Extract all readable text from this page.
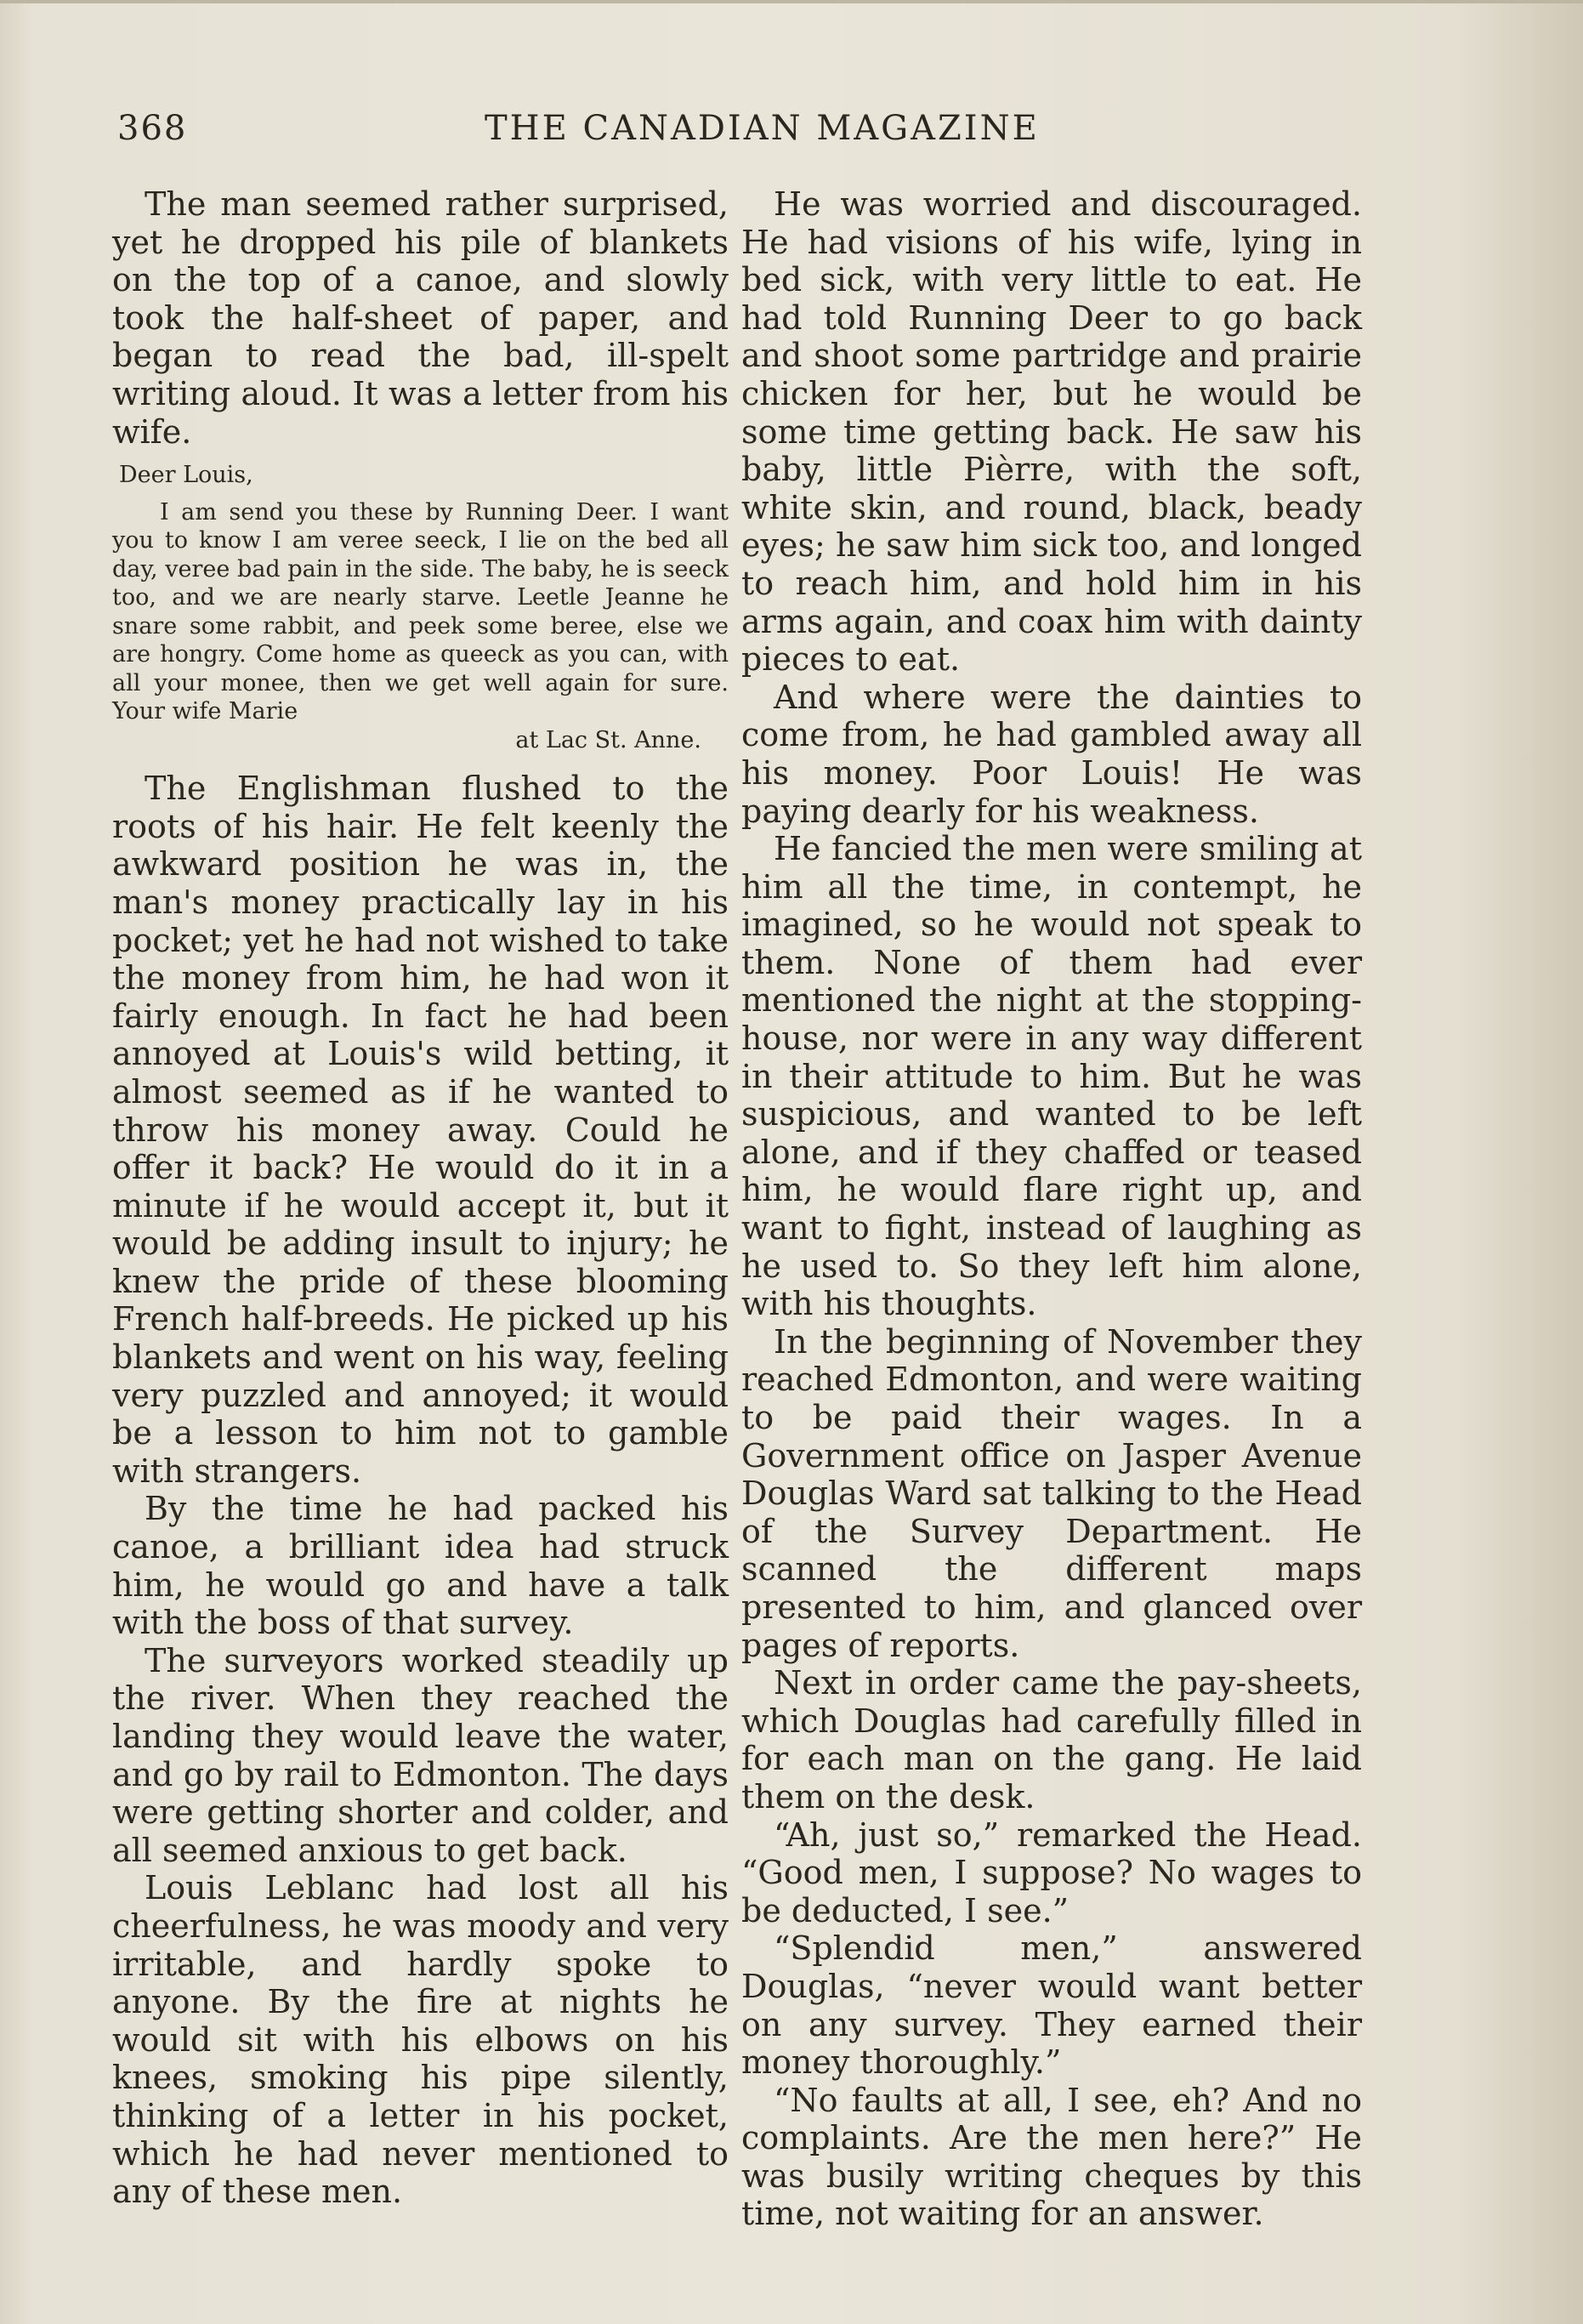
368	THE CANADIAN MAGAZINE

The man seemed rather surprised, yet he dropped his pile of blankets on the top of a canoe, and slowly took the half-sheet of paper, and began to read the bad, ill-spelt writing aloud. It was a letter from his wife.

Deer Louis,
I am send you these by Running Deer. I want you to know I am veree seeck, I lie on the bed all day, veree bad pain in the side. The baby, he is seeck too, and we are nearly starve. Leetle Jeanne he snare some rabbit, and peek some beree, else we are hongry. Come home as queeck as you can, with all your monee, then we get well again for sure. Your wife Marie
at Lac St. Anne.

The Englishman flushed to the roots of his hair. He felt keenly the awkward position he was in, the man's money practically lay in his pocket; yet he had not wished to take the money from him, he had won it fairly enough. In fact he had been annoyed at Louis's wild betting, it almost seemed as if he wanted to throw his money away. Could he offer it back? He would do it in a minute if he would accept it, but it would be adding insult to injury; he knew the pride of these blooming French half-breeds. He picked up his blankets and went on his way, feeling very puzzled and annoyed; it would be a lesson to him not to gamble with strangers.

By the time he had packed his canoe, a brilliant idea had struck him, he would go and have a talk with the boss of that survey.

The surveyors worked steadily up the river. When they reached the landing they would leave the water, and go by rail to Edmonton. The days were getting shorter and colder, and all seemed anxious to get back.

Louis Leblanc had lost all his cheerfulness, he was moody and very irritable, and hardly spoke to anyone. By the fire at nights he would sit with his elbows on his knees, smoking his pipe silently, thinking of a letter in his pocket, which he had never mentioned to any of these men.

He was worried and discouraged. He had visions of his wife, lying in bed sick, with very little to eat. He had told Running Deer to go back and shoot some partridge and prairie chicken for her, but he would be some time getting back. He saw his baby, little Pièrre, with the soft, white skin, and round, black, beady eyes; he saw him sick too, and longed to reach him, and hold him in his arms again, and coax him with dainty pieces to eat.

And where were the dainties to come from, he had gambled away all his money. Poor Louis! He was paying dearly for his weakness.

He fancied the men were smiling at him all the time, in contempt, he imagined, so he would not speak to them. None of them had ever mentioned the night at the stopping-house, nor were in any way different in their attitude to him. But he was suspicious, and wanted to be left alone, and if they chaffed or teased him, he would flare right up, and want to fight, instead of laughing as he used to. So they left him alone, with his thoughts.

In the beginning of November they reached Edmonton, and were waiting to be paid their wages. In a Government office on Jasper Avenue Douglas Ward sat talking to the Head of the Survey Department. He scanned the different maps presented to him, and glanced over pages of reports.

Next in order came the pay-sheets, which Douglas had carefully filled in for each man on the gang. He laid them on the desk.

“Ah, just so,” remarked the Head. “Good men, I suppose? No wages to be deducted, I see.”

“Splendid men,” answered Douglas, “never would want better on any survey. They earned their money thoroughly.”

“No faults at all, I see, eh? And no complaints. Are the men here?” He was busily writing cheques by this time, not waiting for an answer.
